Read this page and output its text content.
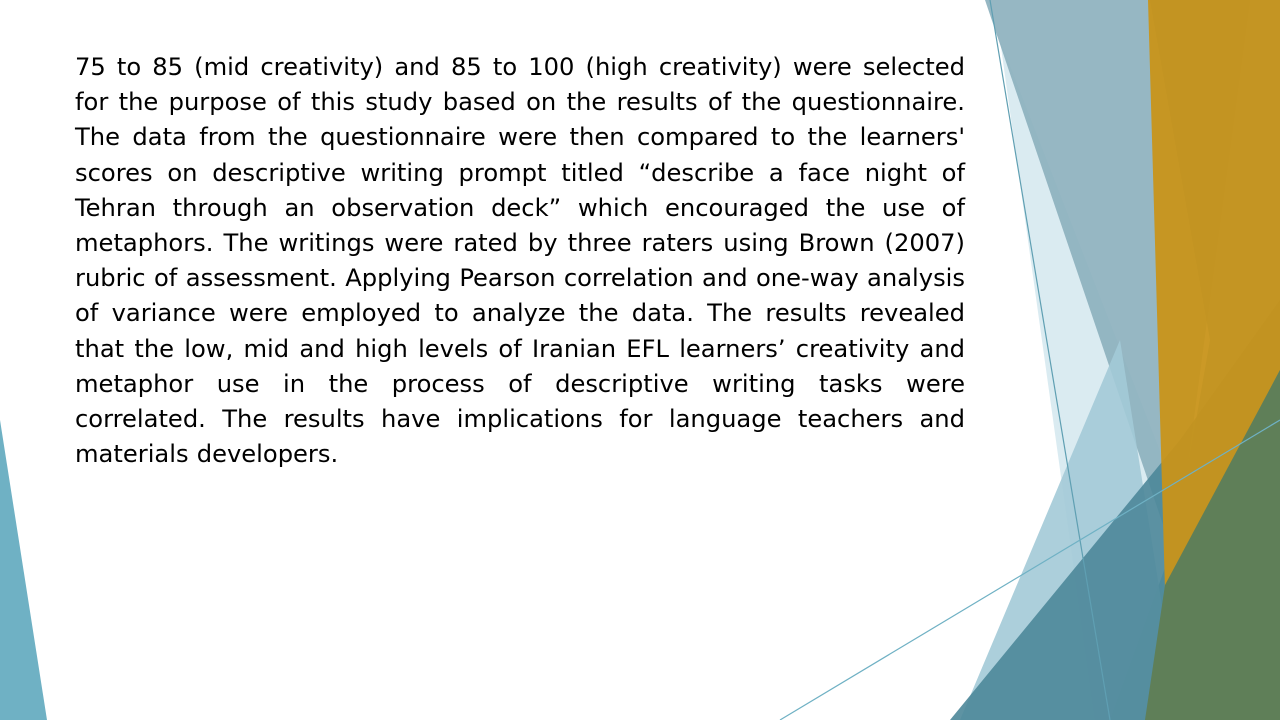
75 to 85 (mid creativity) and 85 to 100 (high creativity) were selected for the purpose of this study based on the results of the questionnaire. The data from the questionnaire were then compared to the learners' scores on descriptive writing prompt titled “describe a face night of Tehran through an observation deck” which encouraged the use of metaphors. The writings were rated by three raters using Brown (2007) rubric of assessment. Applying Pearson correlation and one-way analysis of variance were employed to analyze the data. The results revealed that the low, mid and high levels of Iranian EFL learners’ creativity and metaphor use in the process of descriptive writing tasks were correlated. The results have implications for language teachers and materials developers.
